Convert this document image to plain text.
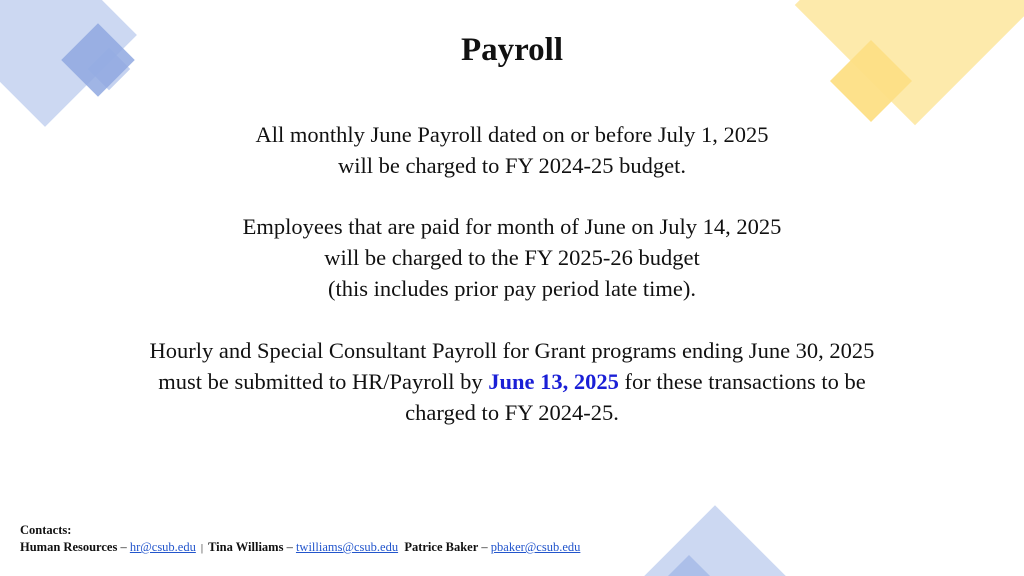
Payroll
All monthly June Payroll dated on or before July 1, 2025
will be charged to FY 2024-25 budget.
Employees that are paid for month of June on July 14, 2025
will be charged to the FY 2025-26 budget
(this includes prior pay period late time).
Hourly and Special Consultant Payroll for Grant programs ending June 30, 2025
must be submitted to HR/Payroll by June 13, 2025 for these transactions to be
charged to FY 2024-25.
Contacts:
Human Resources – hr@csub.edu | Tina Williams – twilliams@csub.edu Patrice Baker – pbaker@csub.edu
